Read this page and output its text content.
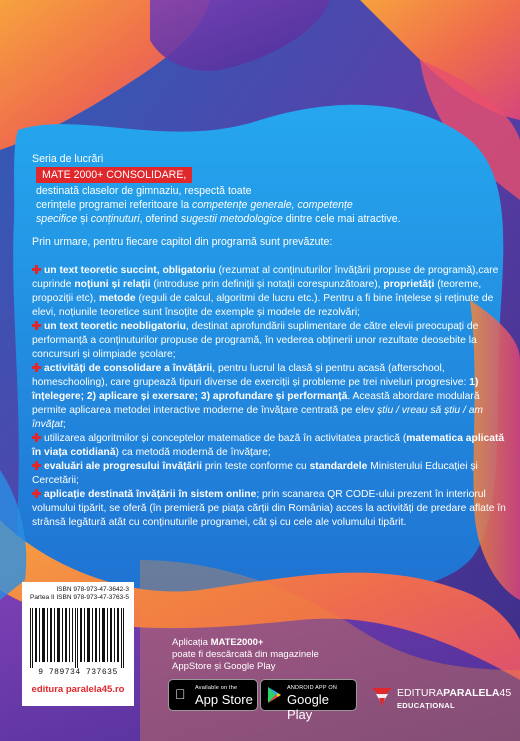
Seria de lucrări
MATE 2000+ CONSOLIDARE,
destinată claselor de gimnaziu, respectă toate
cerințele programei referitoare la competențe generale, competențe
specifice și conținuturi, oferind sugestii metodologice dintre cele mai atractive.
Prin urmare, pentru fiecare capitol din programă sunt prevăzute:

un text teoretic succint, obligatoriu (rezumat al conținuturilor învățării propuse de programă),care cuprinde noțiuni și relații (introduse prin definiții și notații corespunzătoare), proprietăți (teoreme, propoziții etc), metode (reguli de calcul, algoritmi de lucru etc.). Pentru a fi bine înțelese și reținute de elevi, noțiunile teoretice sunt însoțite de exemple și modele de rezolvări;

un text teoretic neobligatoriu, destinat aprofundării suplimentare de către elevii preocupați de performanță a conținuturilor propuse de programă, în vederea obținerii unor rezultate deosebite la concursuri și olimpiade școlare;

activități de consolidare a învățării, pentru lucrul la clasă și pentru acasă (afterschool, homeschooling), care grupează tipuri diverse de exerciții și probleme pe trei niveluri progresive: 1) înțelegere; 2) aplicare și exersare; 3) aprofundare și performanță. Această abordare modulară permite aplicarea metodei interactive moderne de învățare centrată pe elev știu / vreau să știu / am învățat;

utilizarea algoritmilor și conceptelor matematice de bază în activitatea practică (matematica aplicată în viața cotidiană) ca metodă modernă de învățare;

evaluări ale progresului învățării prin teste conforme cu standardele Ministerului Educației și Cercetării;

aplicație destinată învățării în sistem online; prin scanarea QR CODE-ului prezent în interiorul volumului tipărit, se oferă (în premieră pe piața cărții din România) acces la activități de predare aflate în strânsă legătură atât cu conținuturile programei, cât și cu cele ale volumului tipărit.

ISBN 978-973-47-3642-3
Partea II ISBN 978-973-47-3763-5
9 789734 737635
editura paralela45.ro
Aplicația MATE2000+
poate fi descărcată din magazinele
AppStore și Google Play
Available on the
App Store
ANDROID APP ON
Google Play
EDITURAPARALELA45
EDUCAȚIONAL
